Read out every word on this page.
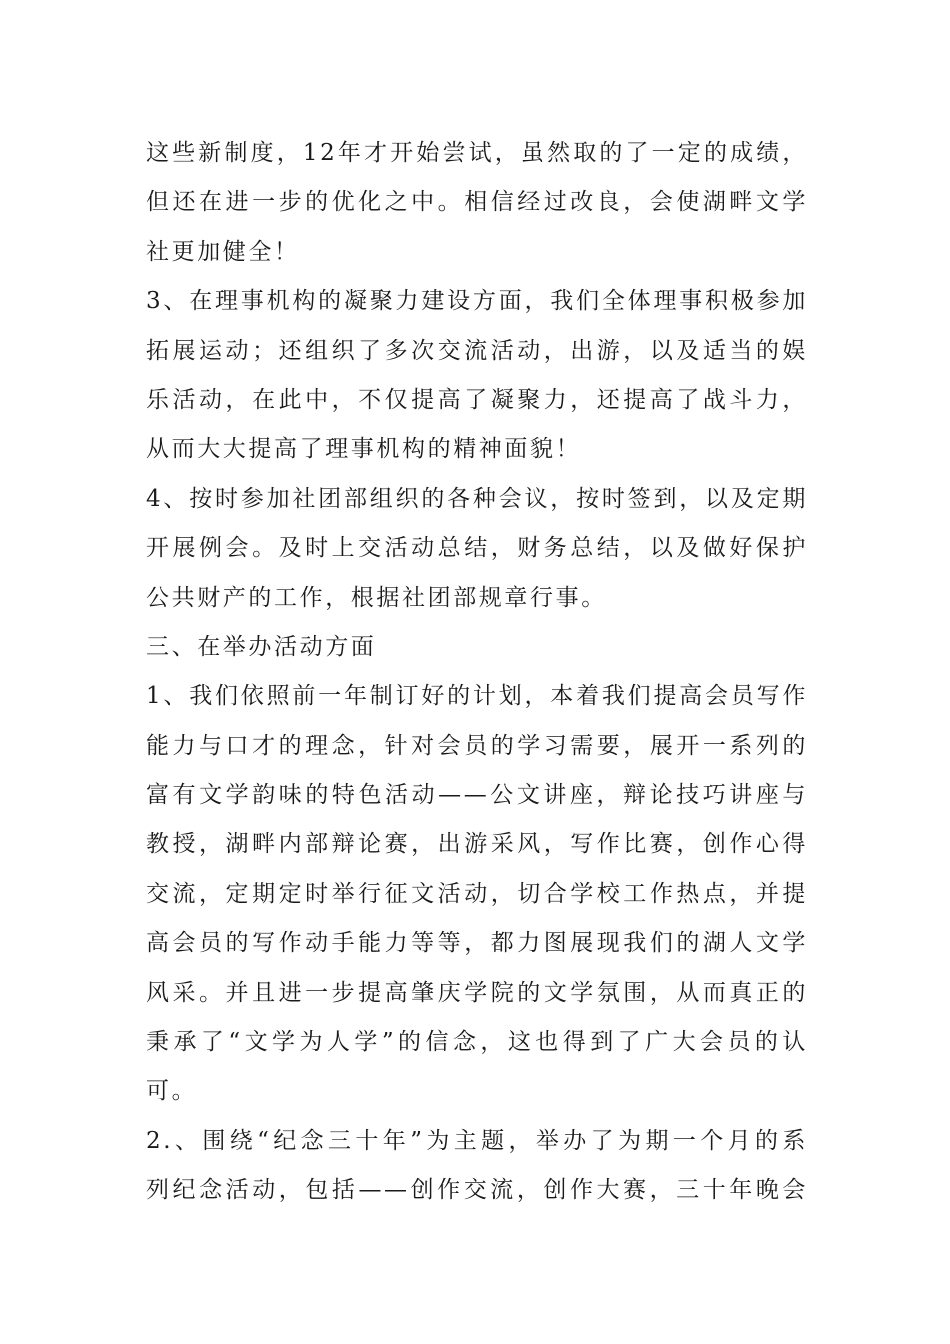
这些新制度，12年才开始尝试，虽然取的了一定的成绩，
但还在进一步的优化之中。相信经过改良，会使湖畔文学
社更加健全！
3、在理事机构的凝聚力建设方面，我们全体理事积极参加
拓展运动；还组织了多次交流活动，出游，以及适当的娱
乐活动，在此中，不仅提高了凝聚力，还提高了战斗力，
从而大大提高了理事机构的精神面貌！
4、按时参加社团部组织的各种会议，按时签到，以及定期
开展例会。及时上交活动总结，财务总结，以及做好保护
公共财产的工作，根据社团部规章行事。
三、在举办活动方面
1、我们依照前一年制订好的计划，本着我们提高会员写作
能力与口才的理念，针对会员的学习需要，展开一系列的
富有文学韵味的特色活动——公文讲座，辩论技巧讲座与
教授，湖畔内部辩论赛，出游采风，写作比赛，创作心得
交流，定期定时举行征文活动，切合学校工作热点，并提
高会员的写作动手能力等等，都力图展现我们的湖人文学
风采。并且进一步提高肇庆学院的文学氛围，从而真正的
秉承了“文学为人学”的信念，这也得到了广大会员的认
可。
2.、围绕“纪念三十年”为主题，举办了为期一个月的系
列纪念活动，包括——创作交流，创作大赛，三十年晚会
